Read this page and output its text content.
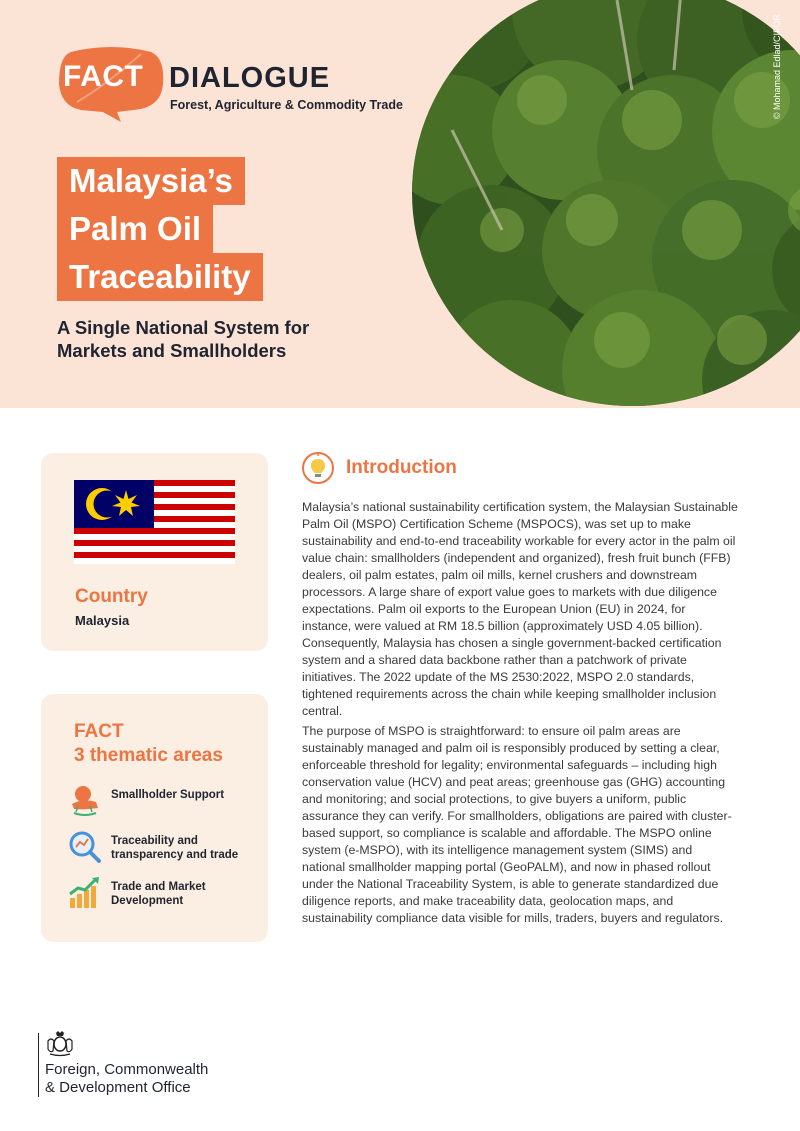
© Mohamad Edlad/CIFOR
FACT DIALOGUE
Forest, Agriculture & Commodity Trade
Malaysia’s
Palm Oil
Traceability
A Single National System for Markets and Smallholders
Country
Malaysia
FACT
3 thematic areas
Smallholder Support
Traceability and transparency and trade
Trade and Market Development
Introduction

Malaysia’s national sustainability certification system, the Malaysian Sustainable Palm Oil (MSPO) Certification Scheme (MSPOCS), was set up to make sustainability and end-to-end traceability workable for every actor in the palm oil value chain: smallholders (independent and organized), fresh fruit bunch (FFB) dealers, oil palm estates, palm oil mills, kernel crushers and downstream processors. A large share of export value goes to markets with due diligence expectations. Palm oil exports to the European Union (EU) in 2024, for instance, were valued at RM 18.5 billion (approximately USD 4.05 billion). Consequently, Malaysia has chosen a single government-backed certification system and a shared data backbone rather than a patchwork of private initiatives. The 2022 update of the MS 2530:2022, MSPO 2.0 standards, tightened requirements across the chain while keeping smallholder inclusion central.

The purpose of MSPO is straightforward: to ensure oil palm areas are sustainably managed and palm oil is responsibly produced by setting a clear, enforceable threshold for legality; environmental safeguards – including high conservation value (HCV) and peat areas; greenhouse gas (GHG) accounting and monitoring; and social protections, to give buyers a uniform, public assurance they can verify. For smallholders, obligations are paired with cluster-based support, so compliance is scalable and affordable. The MSPO online system (e-MSPO), with its intelligence management system (SIMS) and national smallholder mapping portal (GeoPALM), and now in phased rollout under the National Traceability System, is able to generate standardized due diligence reports, and make traceability data, geolocation maps, and sustainability compliance data visible for mills, traders, buyers and regulators.

Foreign, Commonwealth
& Development Office
